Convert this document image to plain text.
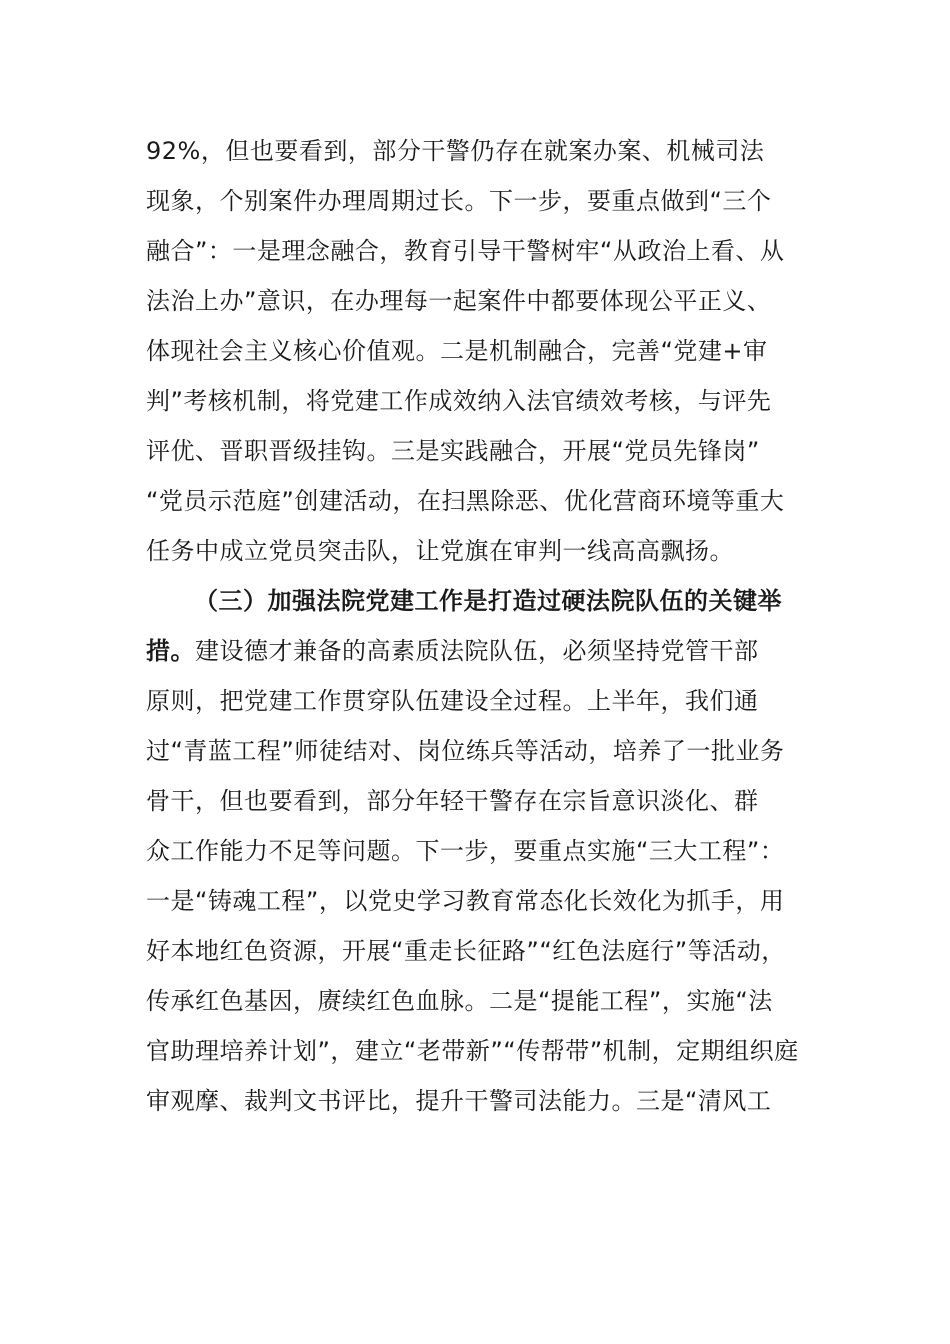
92%，但也要看到，部分干警仍存在就案办案、机械司法
现象，个别案件办理周期过长。下一步，要重点做到“三个
融合”：一是理念融合，教育引导干警树牢“从政治上看、从
法治上办”意识，在办理每一起案件中都要体现公平正义、
体现社会主义核心价值观。二是机制融合，完善“党建+审
判”考核机制，将党建工作成效纳入法官绩效考核，与评先
评优、晋职晋级挂钩。三是实践融合，开展“党员先锋岗”
“党员示范庭”创建活动，在扫黑除恶、优化营商环境等重大
任务中成立党员突击队，让党旗在审判一线高高飘扬。
（三）加强法院党建工作是打造过硬法院队伍的关键举
措。建设德才兼备的高素质法院队伍，必须坚持党管干部
原则，把党建工作贯穿队伍建设全过程。上半年，我们通
过“青蓝工程”师徒结对、岗位练兵等活动，培养了一批业务
骨干，但也要看到，部分年轻干警存在宗旨意识淡化、群
众工作能力不足等问题。下一步，要重点实施“三大工程”：
一是“铸魂工程”，以党史学习教育常态化长效化为抓手，用
好本地红色资源，开展“重走长征路”“红色法庭行”等活动，
传承红色基因，赓续红色血脉。二是“提能工程”，实施“法
官助理培养计划”，建立“老带新”“传帮带”机制，定期组织庭
审观摩、裁判文书评比，提升干警司法能力。三是“清风工
